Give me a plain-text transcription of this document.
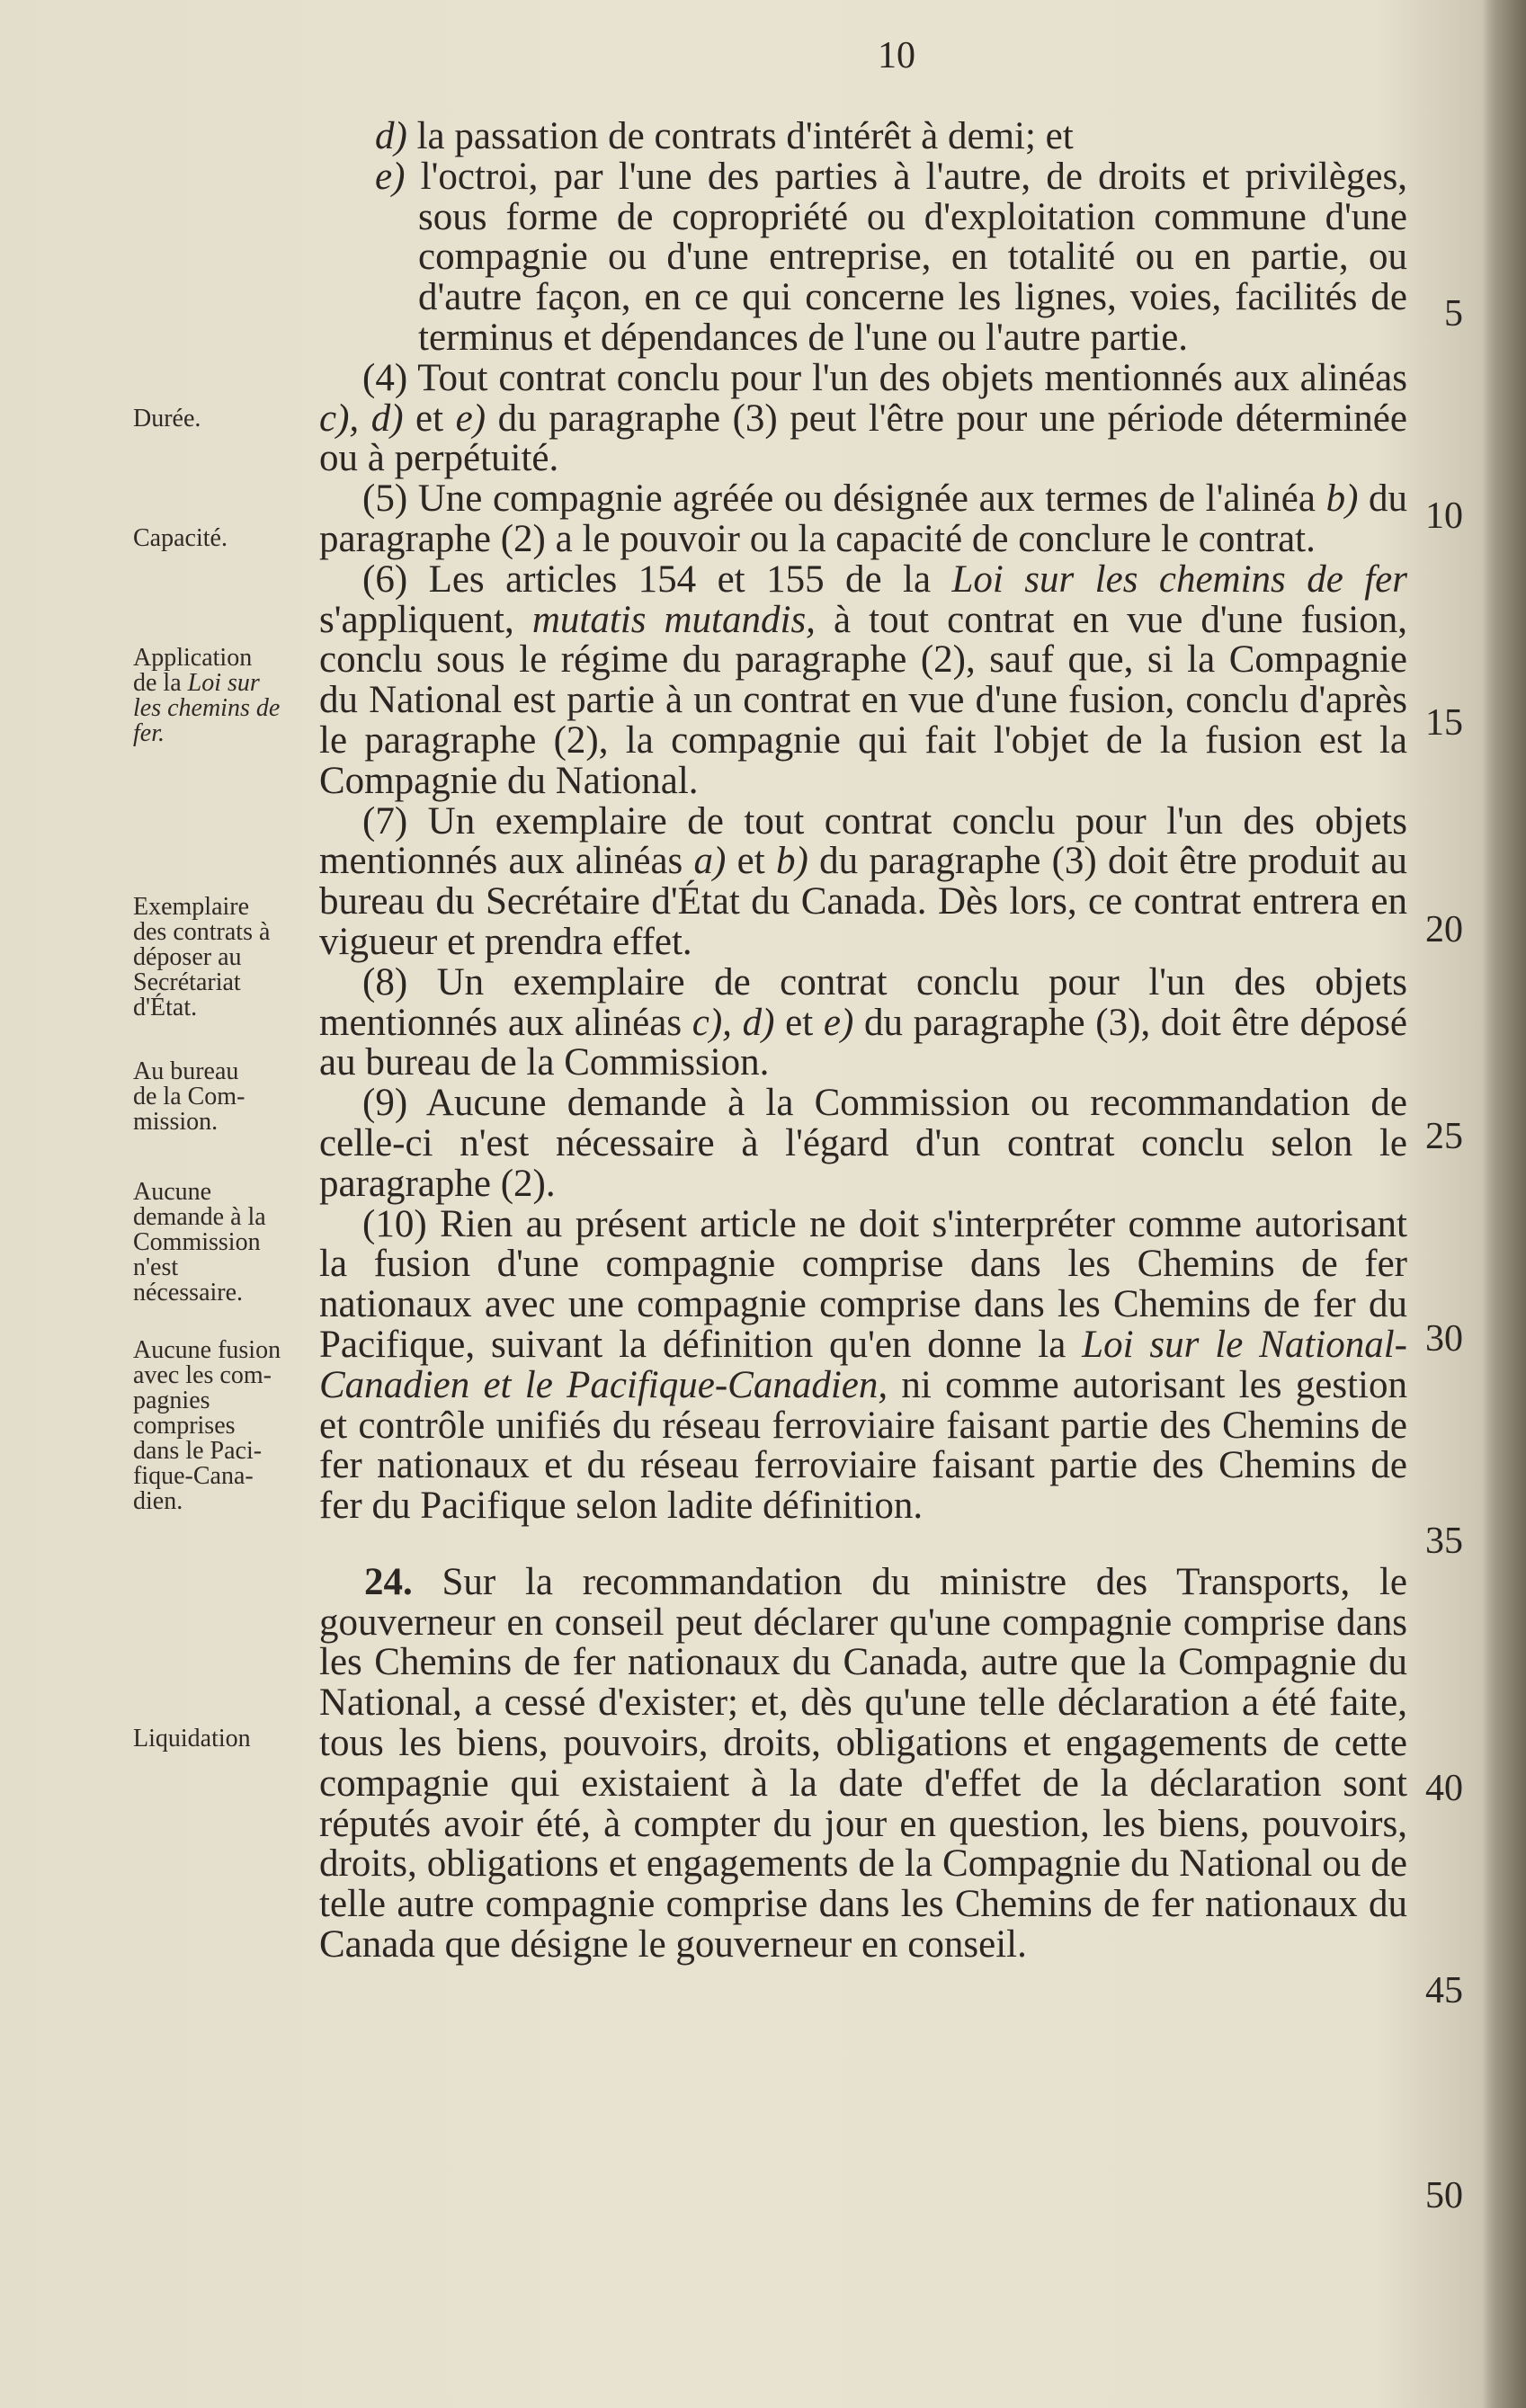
10
Durée.
Capacité.
Application
de la Loi sur
les chemins de
fer.
Exemplaire
des contrats à
déposer au
Secrétariat
d'État.
Au bureau
de la Com-
mission.
Aucune
demande à la
Commission
n'est
nécessaire.
Aucune fusion
avec les com-
pagnies
comprises
dans le Paci-
fique-Cana-
dien.
Liquidation

d) la passation de contrats d'intérêt à demi; et

e) l'octroi, par l'une des parties à l'autre, de droits et privilèges, sous forme de copropriété ou d'exploitation commune d'une compagnie ou d'une entreprise, en totalité ou en partie, ou d'autre façon, en ce qui concerne les lignes, voies, facilités de terminus et dépendances de l'une ou l'autre partie.

(4) Tout contrat conclu pour l'un des objets mentionnés aux alinéas c), d) et e) du paragraphe (3) peut l'être pour une période déterminée ou à perpétuité.

(5) Une compagnie agréée ou désignée aux termes de l'alinéa b) du paragraphe (2) a le pouvoir ou la capacité de conclure le contrat.

(6) Les articles 154 et 155 de la Loi sur les chemins de fer s'appliquent, mutatis mutandis, à tout contrat en vue d'une fusion, conclu sous le régime du paragraphe (2), sauf que, si la Compagnie du National est partie à un contrat en vue d'une fusion, conclu d'après le paragraphe (2), la compagnie qui fait l'objet de la fusion est la Compagnie du National.

(7) Un exemplaire de tout contrat conclu pour l'un des objets mentionnés aux alinéas a) et b) du paragraphe (3) doit être produit au bureau du Secrétaire d'État du Canada. Dès lors, ce contrat entrera en vigueur et prendra effet.

(8) Un exemplaire de contrat conclu pour l'un des objets mentionnés aux alinéas c), d) et e) du paragraphe (3), doit être déposé au bureau de la Commission.

(9) Aucune demande à la Commission ou recommandation de celle-ci n'est nécessaire à l'égard d'un contrat conclu selon le paragraphe (2).

(10) Rien au présent article ne doit s'interpréter comme autorisant la fusion d'une compagnie comprise dans les Chemins de fer nationaux avec une compagnie comprise dans les Chemins de fer du Pacifique, suivant la définition qu'en donne la Loi sur le National-Canadien et le Pacifique-Canadien, ni comme autorisant les gestion et contrôle unifiés du réseau ferroviaire faisant partie des Chemins de fer nationaux et du réseau ferroviaire faisant partie des Chemins de fer du Pacifique selon ladite définition.

24. Sur la recommandation du ministre des Transports, le gouverneur en conseil peut déclarer qu'une compagnie comprise dans les Chemins de fer nationaux du Canada, autre que la Compagnie du National, a cessé d'exister; et, dès qu'une telle déclaration a été faite, tous les biens, pouvoirs, droits, obligations et engagements de cette compagnie qui existaient à la date d'effet de la déclaration sont réputés avoir été, à compter du jour en question, les biens, pouvoirs, droits, obligations et engagements de la Compagnie du National ou de telle autre compagnie comprise dans les Chemins de fer nationaux du Canada que désigne le gouverneur en conseil.

5
10
15
20
25
30
35
40
45
50
